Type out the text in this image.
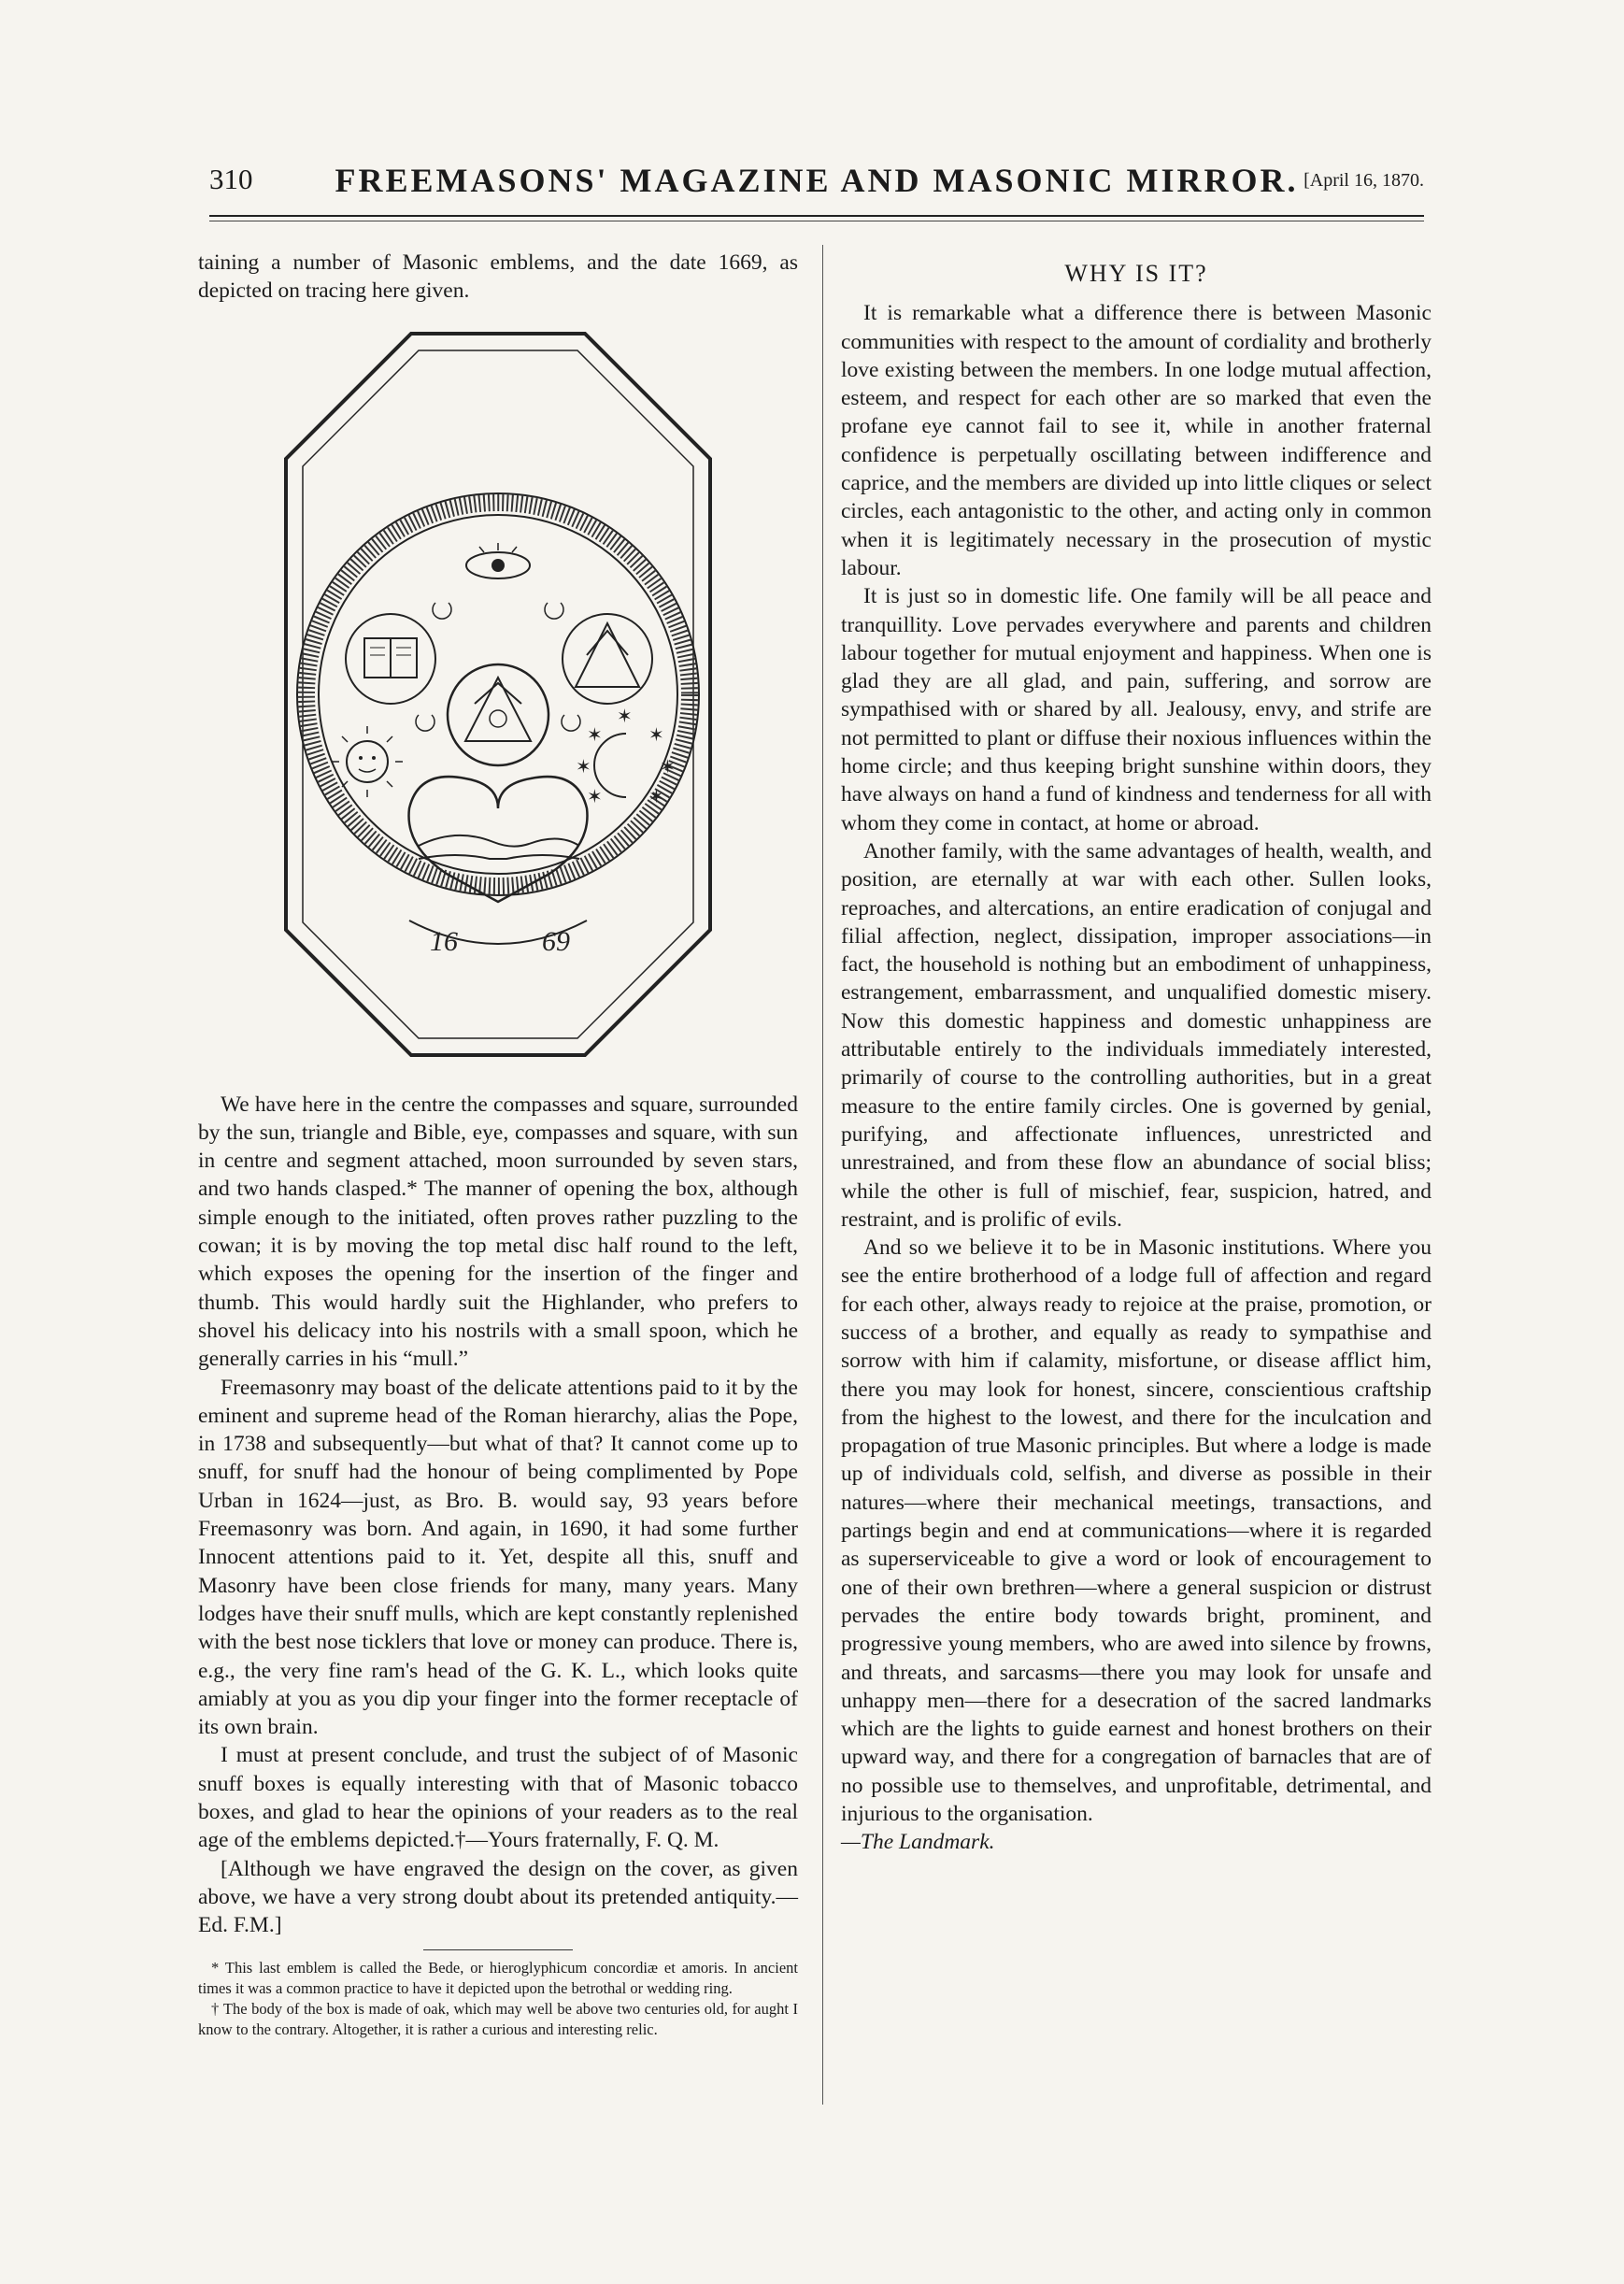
310	FREEMASONS' MAGAZINE AND MASONIC MIRROR. [April 16, 1870.

taining a number of Masonic emblems, and the date 1669, as depicted on tracing here given.

✶ ✶
✶	✶
✶ ✶
✶
16	69

We have here in the centre the compasses and square, surrounded by the sun, triangle and Bible, eye, compasses and square, with sun in centre and segment attached, moon surrounded by seven stars, and two hands clasped.* The manner of opening the box, although simple enough to the initiated, often proves rather puzzling to the cowan; it is by moving the top metal disc half round to the left, which exposes the opening for the insertion of the finger and thumb. This would hardly suit the Highlander, who prefers to shovel his delicacy into his nostrils with a small spoon, which he generally carries in his “mull.”

Freemasonry may boast of the delicate attentions paid to it by the eminent and supreme head of the Roman hierarchy, alias the Pope, in 1738 and subsequently—but what of that? It cannot come up to snuff, for snuff had the honour of being complimented by Pope Urban in 1624—just, as Bro. B. would say, 93 years before Freemasonry was born. And again, in 1690, it had some further Innocent attentions paid to it. Yet, despite all this, snuff and Masonry have been close friends for many, many years. Many lodges have their snuff mulls, which are kept constantly replenished with the best nose ticklers that love or money can produce. There is, e.g., the very fine ram's head of the G. K. L., which looks quite amiably at you as you dip your finger into the former receptacle of its own brain.

I must at present conclude, and trust the subject of of Masonic snuff boxes is equally interesting with that of Masonic tobacco boxes, and glad to hear the opinions of your readers as to the real age of the emblems depicted.†—Yours fraternally, F. Q. M.

[Although we have engraved the design on the cover, as given above, we have a very strong doubt about its pretended antiquity.—Ed. F.M.]

* This last emblem is called the Bede, or hieroglyphicum concordiæ et amoris. In ancient times it was a common practice to have it depicted upon the betrothal or wedding ring.

† The body of the box is made of oak, which may well be above two centuries old, for aught I know to the contrary. Altogether, it is rather a curious and interesting relic.

WHY IS IT?

It is remarkable what a difference there is between Masonic communities with respect to the amount of cordiality and brotherly love existing between the members. In one lodge mutual affection, esteem, and respect for each other are so marked that even the profane eye cannot fail to see it, while in another fraternal confidence is perpetually oscillating between indifference and caprice, and the members are divided up into little cliques or select circles, each antagonistic to the other, and acting only in common when it is legitimately necessary in the prosecution of mystic labour.

It is just so in domestic life. One family will be all peace and tranquillity. Love pervades everywhere and parents and children labour together for mutual enjoyment and happiness. When one is glad they are all glad, and pain, suffering, and sorrow are sympathised with or shared by all. Jealousy, envy, and strife are not permitted to plant or diffuse their noxious influences within the home circle; and thus keeping bright sunshine within doors, they have always on hand a fund of kindness and tenderness for all with whom they come in contact, at home or abroad.

Another family, with the same advantages of health, wealth, and position, are eternally at war with each other. Sullen looks, reproaches, and altercations, an entire eradication of conjugal and filial affection, neglect, dissipation, improper associations—in fact, the household is nothing but an embodiment of unhappiness, estrangement, embarrassment, and unqualified domestic misery. Now this domestic happiness and domestic unhappiness are attributable entirely to the individuals immediately interested, primarily of course to the controlling authorities, but in a great measure to the entire family circles. One is governed by genial, purifying, and affectionate influences, unrestricted and unrestrained, and from these flow an abundance of social bliss; while the other is full of mischief, fear, suspicion, hatred, and restraint, and is prolific of evils.

And so we believe it to be in Masonic institutions. Where you see the entire brotherhood of a lodge full of affection and regard for each other, always ready to rejoice at the praise, promotion, or success of a brother, and equally as ready to sympathise and sorrow with him if calamity, misfortune, or disease afflict him, there you may look for honest, sincere, conscientious craftship from the highest to the lowest, and there for the inculcation and propagation of true Masonic principles. But where a lodge is made up of individuals cold, selfish, and diverse as possible in their natures—where their mechanical meetings, transactions, and partings begin and end at communications—where it is regarded as superserviceable to give a word or look of encouragement to one of their own brethren—where a general suspicion or distrust pervades the entire body towards bright, prominent, and progressive young members, who are awed into silence by frowns, and threats, and sarcasms—there you may look for unsafe and unhappy men—there for a desecration of the sacred landmarks which are the lights to guide earnest and honest brothers on their upward way, and there for a congregation of barnacles that are of no possible use to themselves, and unprofitable, detrimental, and injurious to the organisation.

—The Landmark.
